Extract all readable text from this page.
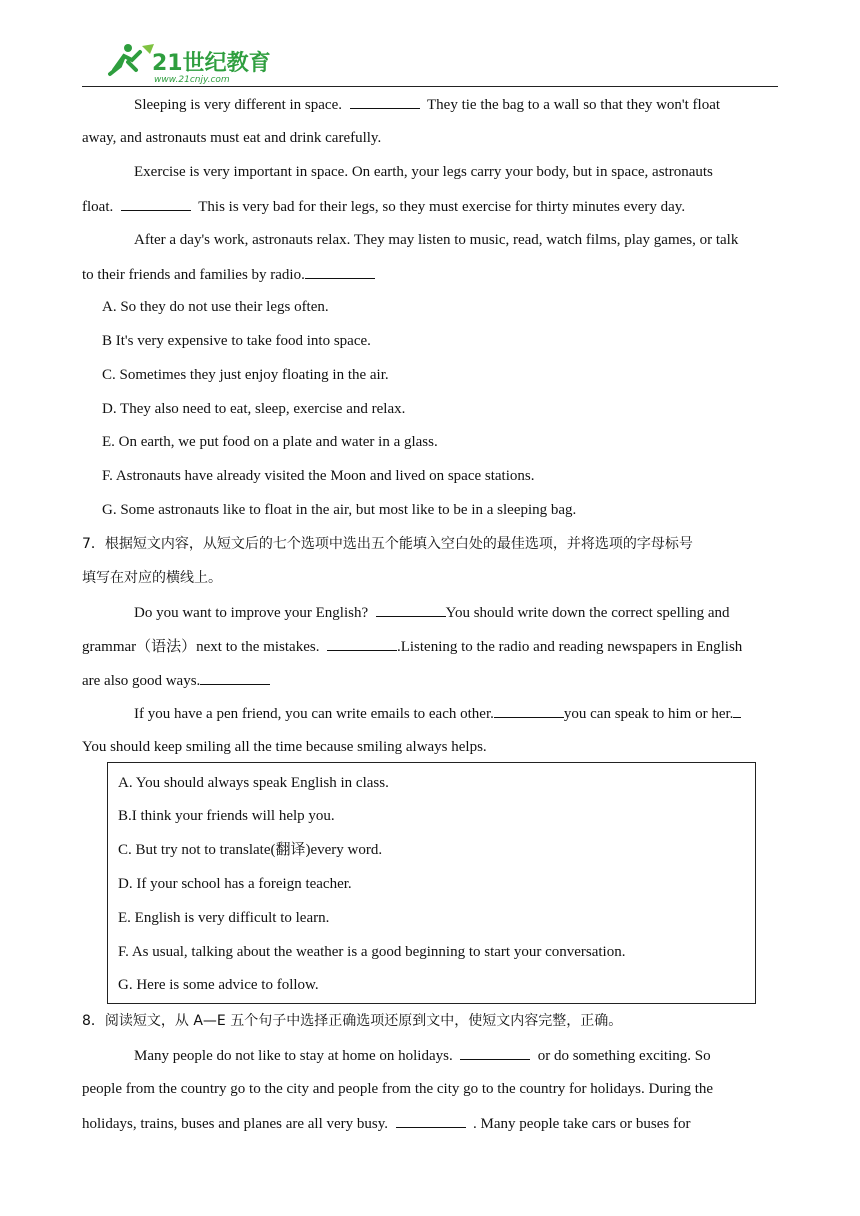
21世纪教育
www.21cnjy.com
Sleeping is very different in space.	They tie the bag to a wall so that they won't float
away, and astronauts must eat and drink carefully.
Exercise is very important in space. On earth, your legs carry your body, but in space, astronauts
float.	This is very bad for their legs, so they must exercise for thirty minutes every day.
After a day's work, astronauts relax. They may listen to music, read, watch films, play games, or talk
to their friends and families by radio.
A. So they do not use their legs often.
B It's very expensive to take food into space.
C. Sometimes they just enjoy floating in the air.
D. They also need to eat, sleep, exercise and relax.
E. On earth, we put food on a plate and water in a glass.
F. Astronauts have already visited the Moon and lived on space stations.
G. Some astronauts like to float in the air, but most like to be in a sleeping bag.
7．根据短文内容，从短文后的七个选项中选出五个能填入空白处的最佳选项，并将选项的字母标号
填写在对应的横线上。
Do you want to improve your English?	You should write down the correct spelling and
grammar（语法）next to the mistakes.	.Listening to the radio and reading newspapers in English
are also good ways.
If you have a pen friend, you can write emails to each other.	you can speak to him or her.
You should keep smiling all the time because smiling always helps.
A. You should always speak English in class.
B.I think your friends will help you.
C. But try not to translate(翻译)every word.
D. If your school has a foreign teacher.
E. English is very difficult to learn.
F. As usual, talking about the weather is a good beginning to start your conversation.
G. Here is some advice to follow.
8．阅读短文，从 A—E 五个句子中选择正确选项还原到文中，使短文内容完整，正确。
Many people do not like to stay at home on holidays.	or do something exciting. So
people from the country go to the city and people from the city go to the country for holidays. During the
holidays, trains, buses and planes are all very busy.	. Many people take cars or buses for
